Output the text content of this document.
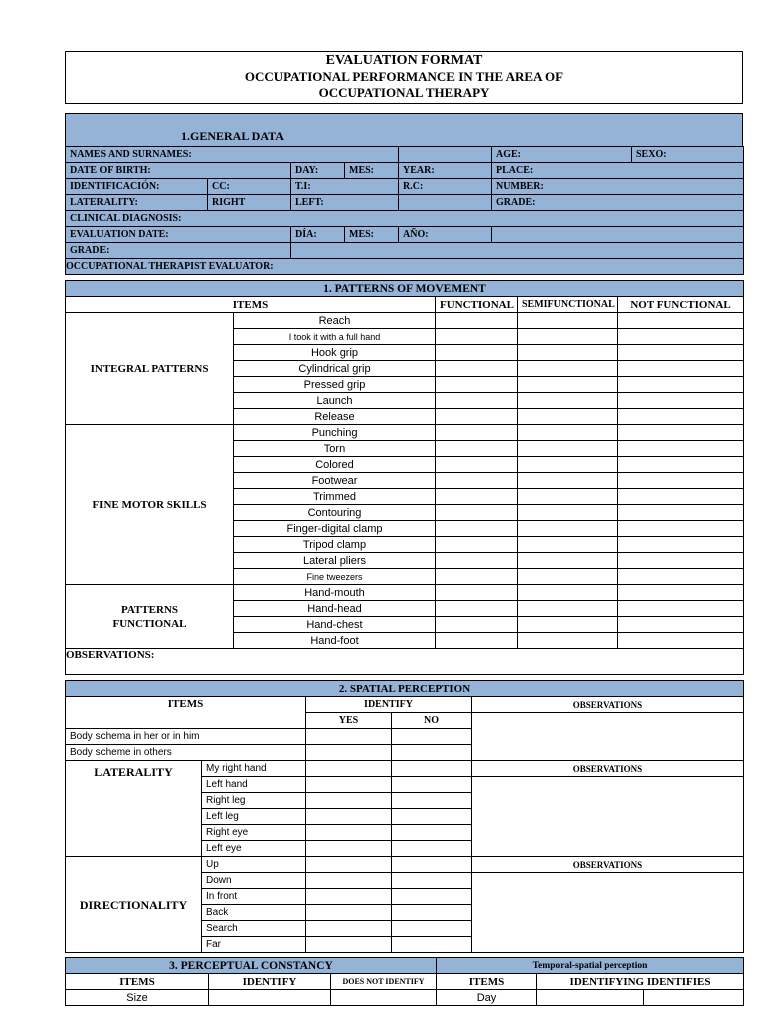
EVALUATION FORMAT
OCCUPATIONAL PERFORMANCE IN THE AREA OF
OCCUPATIONAL THERAPY
1.GENERAL DATA
NAMES AND SURNAMES:					AGE:	SEXO:
DATE OF BIRTH:		DAY:	MES:	YEAR:	PLACE:	
IDENTIFICACIÓN:	CC:	T.I:		R.C:	NUMBER:	
LATERALITY:	RIGHT	LEFT:			GRADE:	
CLINICAL DIAGNOSIS:						
EVALUATION DATE:		DÍA:	MES:	AÑO:		
GRADE:						
OCCUPATIONAL THERAPIST EVALUATOR:						
1. PATTERNS OF MOVEMENT				
ITEMS		FUNCTIONAL	SEMIFUNCTIONAL	NOT FUNCTIONAL
INTEGRAL PATTERNS	Reach			
	I took it with a full hand			
	Hook grip			
	Cylindrical grip			
	Pressed grip			
	Launch			
	Release			
FINE MOTOR SKILLS	Punching			
	Torn			
	Colored			
	Footwear			
	Trimmed			
	Contouring			
	Finger-digital clamp			
	Tripod clamp			
	Lateral pliers			
	Fine tweezers			
PATTERNS FUNCTIONAL	Hand-mouth			
	Hand-head			
	Hand-chest			
	Hand-foot			
OBSERVATIONS:				
2. SPATIAL PERCEPTION				
ITEMS		IDENTIFY		OBSERVATIONS
		YES	NO	
Body schema in her or in him				
Body scheme in others				
LATERALITY	My right hand			OBSERVATIONS
	Left hand			
	Right leg			
	Left leg			
	Right eye			
	Left eye			
DIRECTIONALITY	Up			OBSERVATIONS
	Down			
	In front			
	Back			
	Search			
	Far			
3. PERCEPTUAL CONSTANCY			Temporal-spatial perception		
ITEMS	IDENTIFY	DOES NOT IDENTIFY	ITEMS	IDENTIFYING IDENTIFIES	
Size			Day		
